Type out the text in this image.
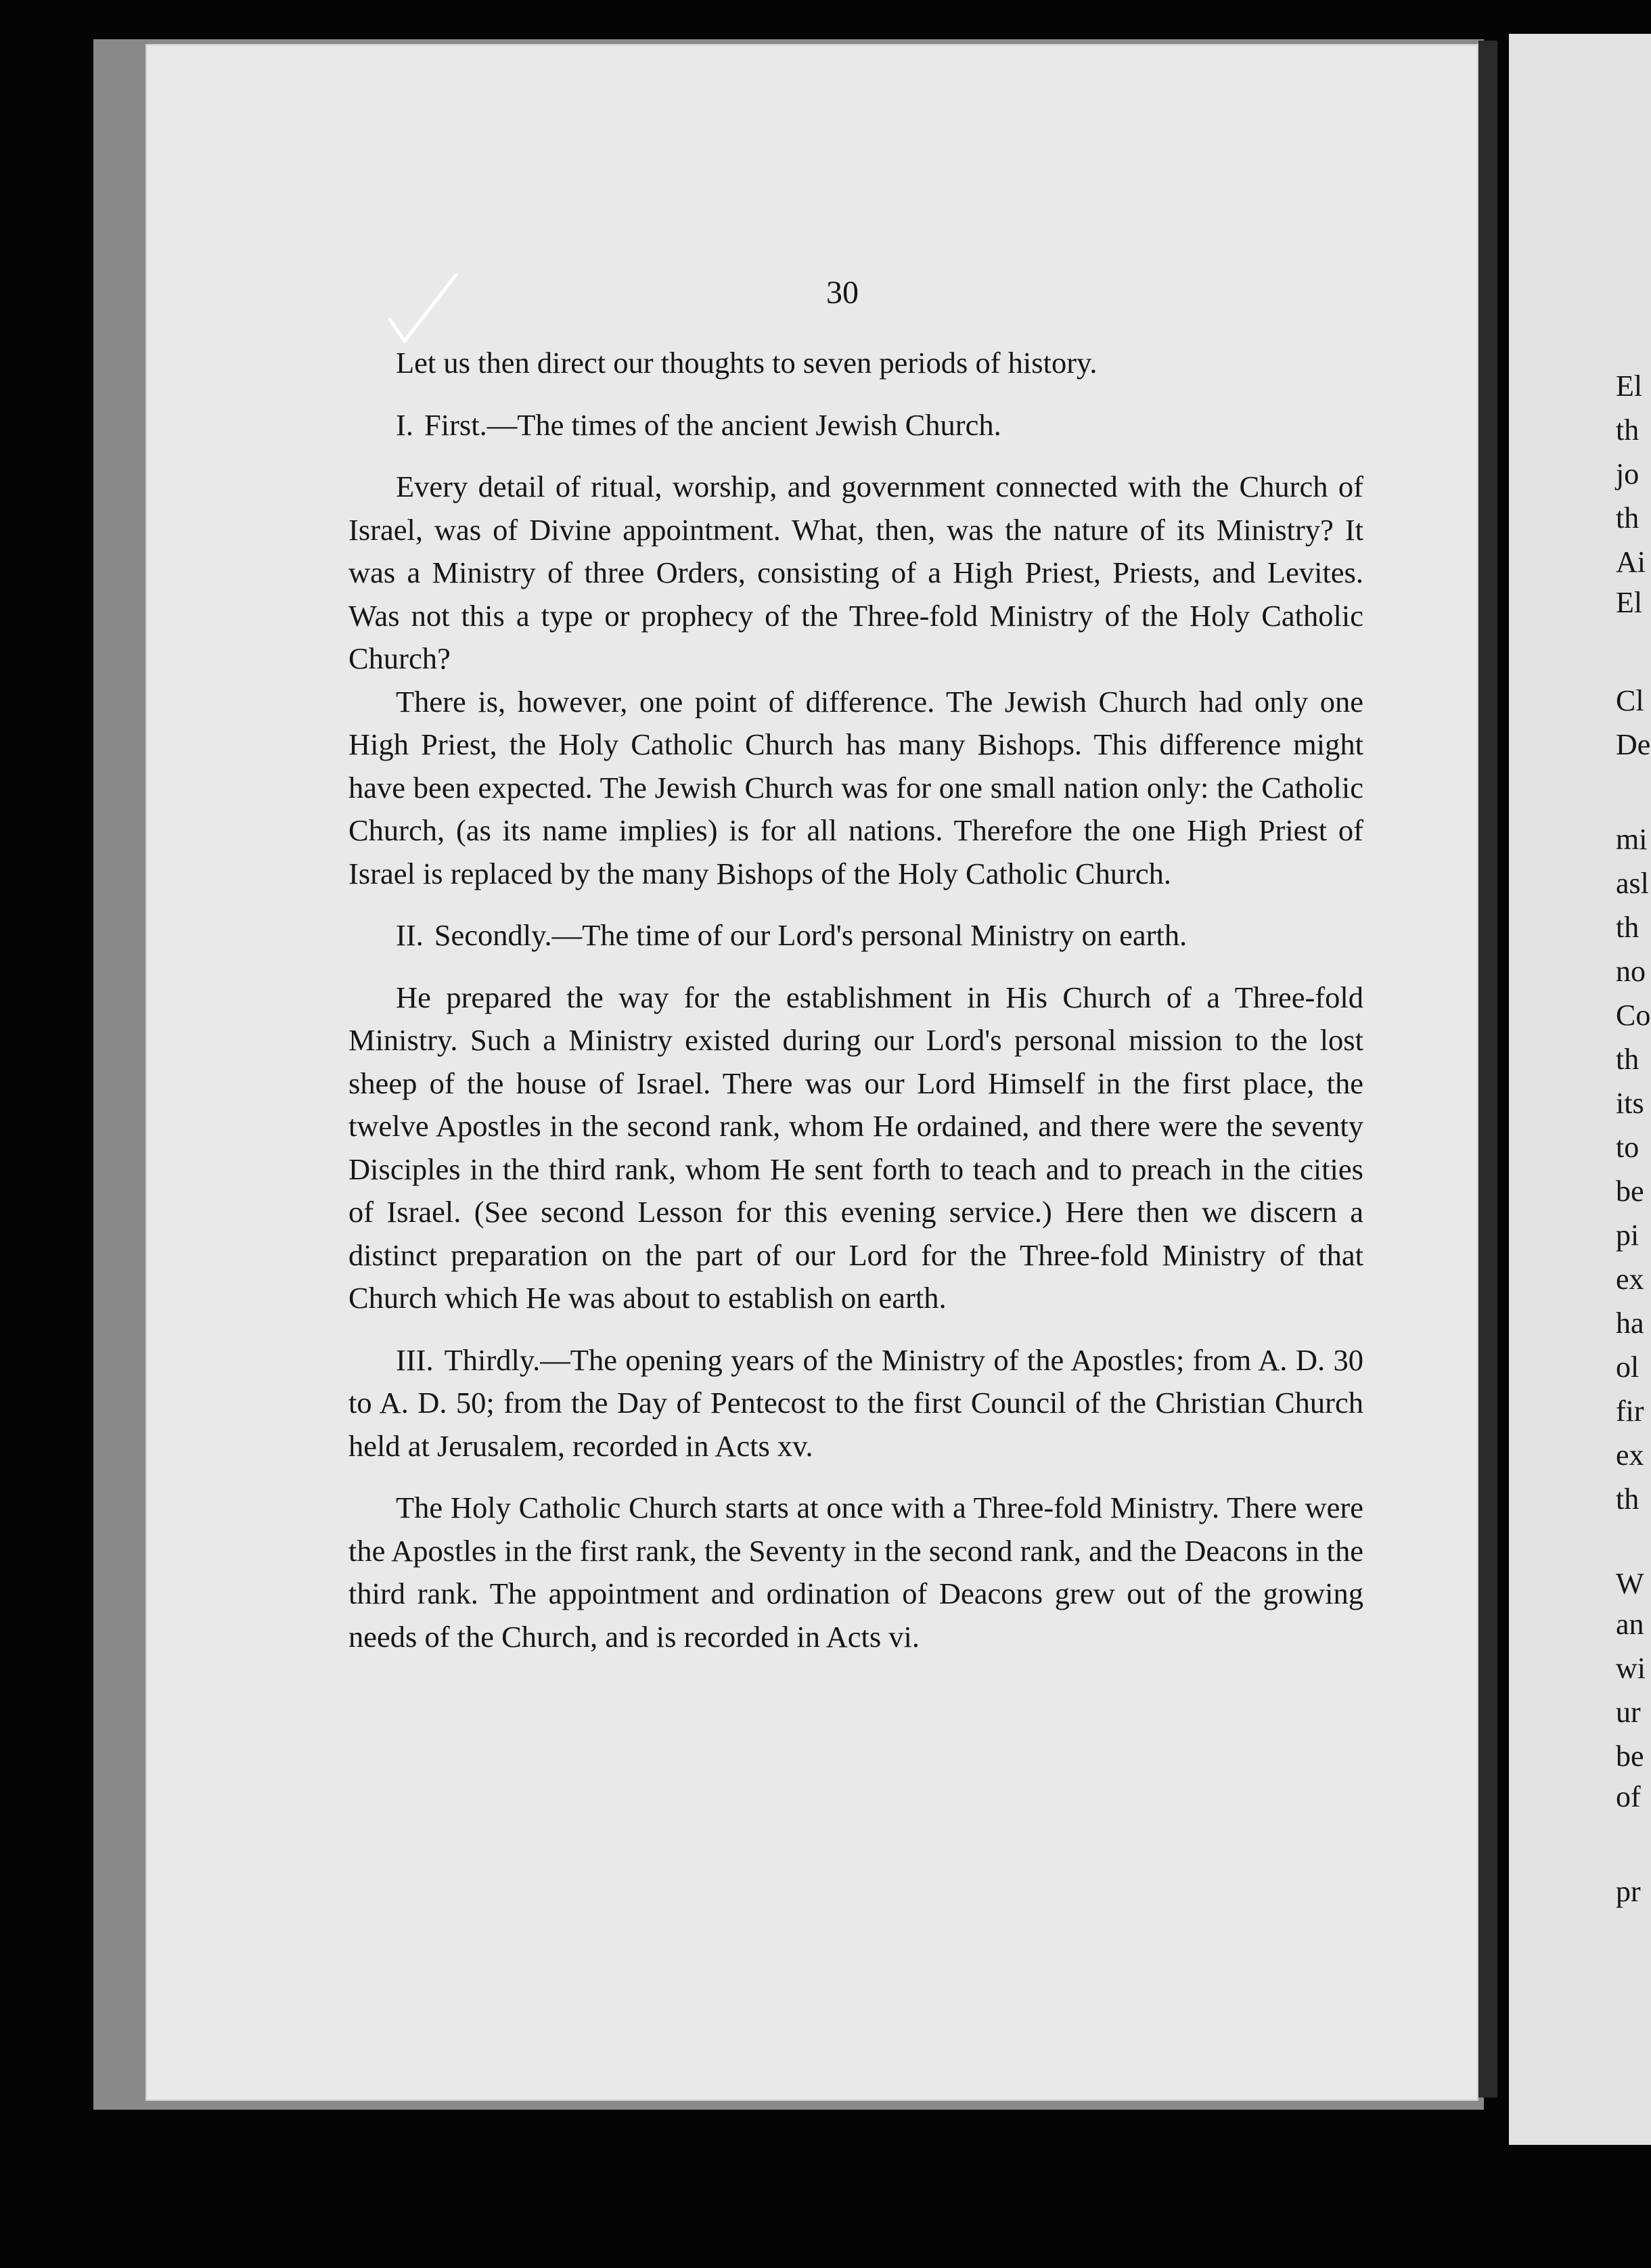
30

Let us then direct our thoughts to seven periods of history.

I. First.—The times of the ancient Jewish Church.

Every detail of ritual, worship, and government connected with the Church of Israel, was of Divine appointment. What, then, was the nature of its Ministry? It was a Ministry of three Orders, consisting of a High Priest, Priests, and Levites. Was not this a type or prophecy of the Three-fold Ministry of the Holy Catholic Church?

There is, however, one point of difference. The Jewish Church had only one High Priest, the Holy Catholic Church has many Bishops. This difference might have been expected. The Jewish Church was for one small nation only: the Catholic Church, (as its name implies) is for all nations. Therefore the one High Priest of Israel is replaced by the many Bishops of the Holy Catholic Church.

II. Secondly.—The time of our Lord's personal Ministry on earth.

He prepared the way for the establishment in His Church of a Three-fold Ministry. Such a Ministry existed during our Lord's personal mission to the lost sheep of the house of Israel. There was our Lord Himself in the first place, the twelve Apostles in the second rank, whom He ordained, and there were the seventy Disciples in the third rank, whom He sent forth to teach and to preach in the cities of Israel. (See second Lesson for this evening service.) Here then we discern a distinct preparation on the part of our Lord for the Three-fold Ministry of that Church which He was about to establish on earth.

III. Thirdly.—The opening years of the Ministry of the Apostles; from A. D. 30 to A. D. 50; from the Day of Pentecost to the first Council of the Christian Church held at Jerusalem, recorded in Acts xv.

The Holy Catholic Church starts at once with a Three-fold Ministry. There were the Apostles in the first rank, the Seventy in the second rank, and the Deacons in the third rank. The appointment and ordination of Deacons grew out of the growing needs of the Church, and is recorded in Acts vi.

El
th
jo
th
Ai
El
Cl
De
mi
asl
th
no
Co
th
its
to
be
pi
ex
ha
ol
fir
ex
th
W
an
wi
ur
be
of
pr
